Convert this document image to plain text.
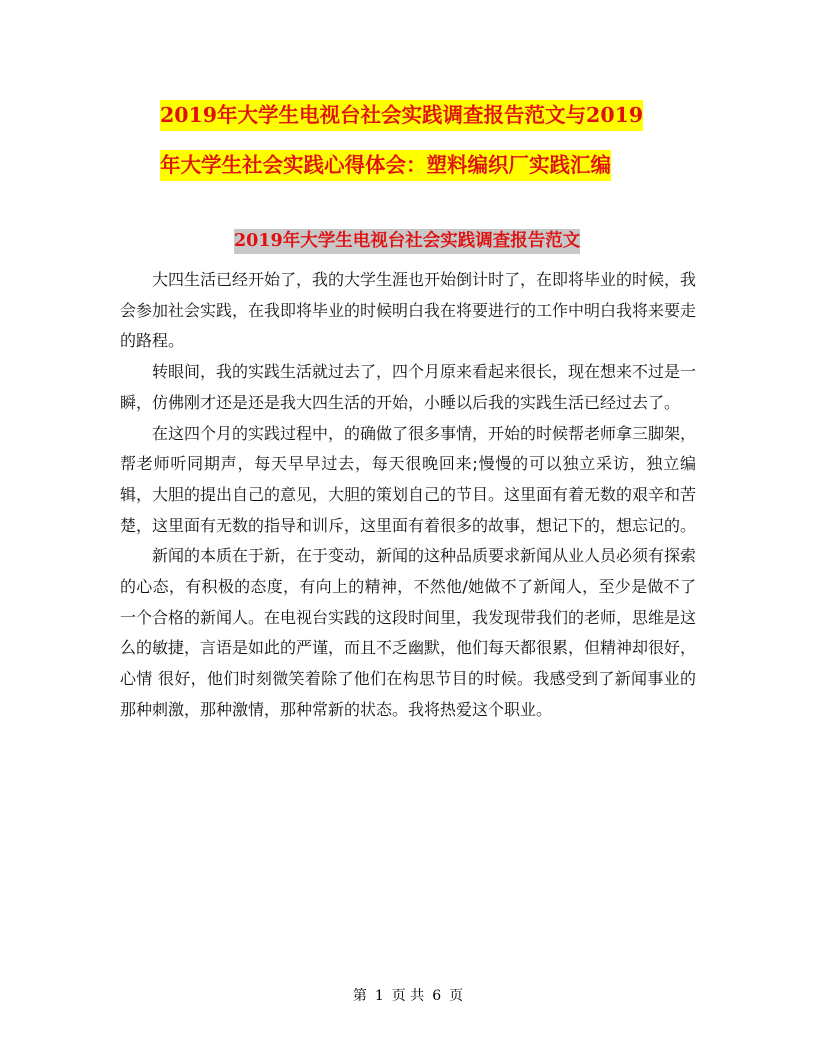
2019年大学生电视台社会实践调查报告范文与2019
年大学生社会实践心得体会：塑料编织厂实践汇编
2019年大学生电视台社会实践调查报告范文

大四生活已经开始了，我的大学生涯也开始倒计时了，在即将毕业的时候，我会参加社会实践，在我即将毕业的时候明白我在将要进行的工作中明白我将来要走的路程。

转眼间，我的实践生活就过去了，四个月原来看起来很长，现在想来不过是一瞬，仿佛刚才还是还是我大四生活的开始，小睡以后我的实践生活已经过去了。

在这四个月的实践过程中，的确做了很多事情，开始的时候帮老师拿三脚架，帮老师听同期声，每天早早过去，每天很晚回来;慢慢的可以独立采访，独立编辑，大胆的提出自己的意见，大胆的策划自己的节目。这里面有着无数的艰辛和苦楚，这里面有无数的指导和训斥，这里面有着很多的故事，想记下的，想忘记的。

新闻的本质在于新，在于变动，新闻的这种品质要求新闻从业人员必须有探索的心态，有积极的态度，有向上的精神，不然他/她做不了新闻人，至少是做不了一个合格的新闻人。在电视台实践的这段时间里，我发现带我们的老师，思维是这么的敏捷，言语是如此的严谨，而且不乏幽默，他们每天都很累，但精神却很好，心情 很好，他们时刻微笑着除了他们在构思节目的时候。我感受到了新闻事业的那种刺激，那种激情，那种常新的状态。我将热爱这个职业。

第 1 页 共 6 页
